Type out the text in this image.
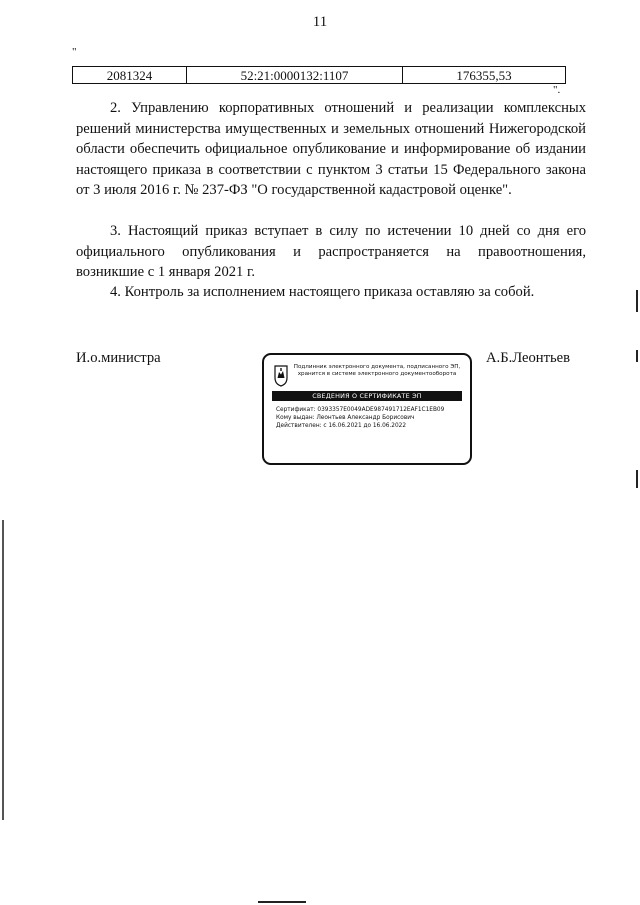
11
"
2081324	52:21:0000132:1107	176355,53
".

2. Управлению корпоративных отношений и реализации комплексных решений министерства имущественных и земельных отношений Нижегородской области обеспечить официальное опубликование и информирование об издании настоящего приказа в соответствии с пунктом 3 статьи 15 Федерального закона от 3 июля 2016 г. № 237-ФЗ "О государственной кадастровой оценке".

3. Настоящий приказ вступает в силу по истечении 10 дней со дня его официального опубликования и распространяется на правоотношения, возникшие с 1 января 2021 г.

4. Контроль за исполнением настоящего приказа оставляю за собой.

И.о.министра
Подлинник электронного документа, подписанного ЭП,
хранится в системе электронного документооборота
СВЕДЕНИЯ О СЕРТИФИКАТЕ ЭП
Сертификат: 0393357E0049ADE987491712EAF1C1EB09
Кому выдан: Леонтьев Александр Борисович
Действителен: с 16.06.2021 до 16.06.2022
А.Б.Леонтьев
